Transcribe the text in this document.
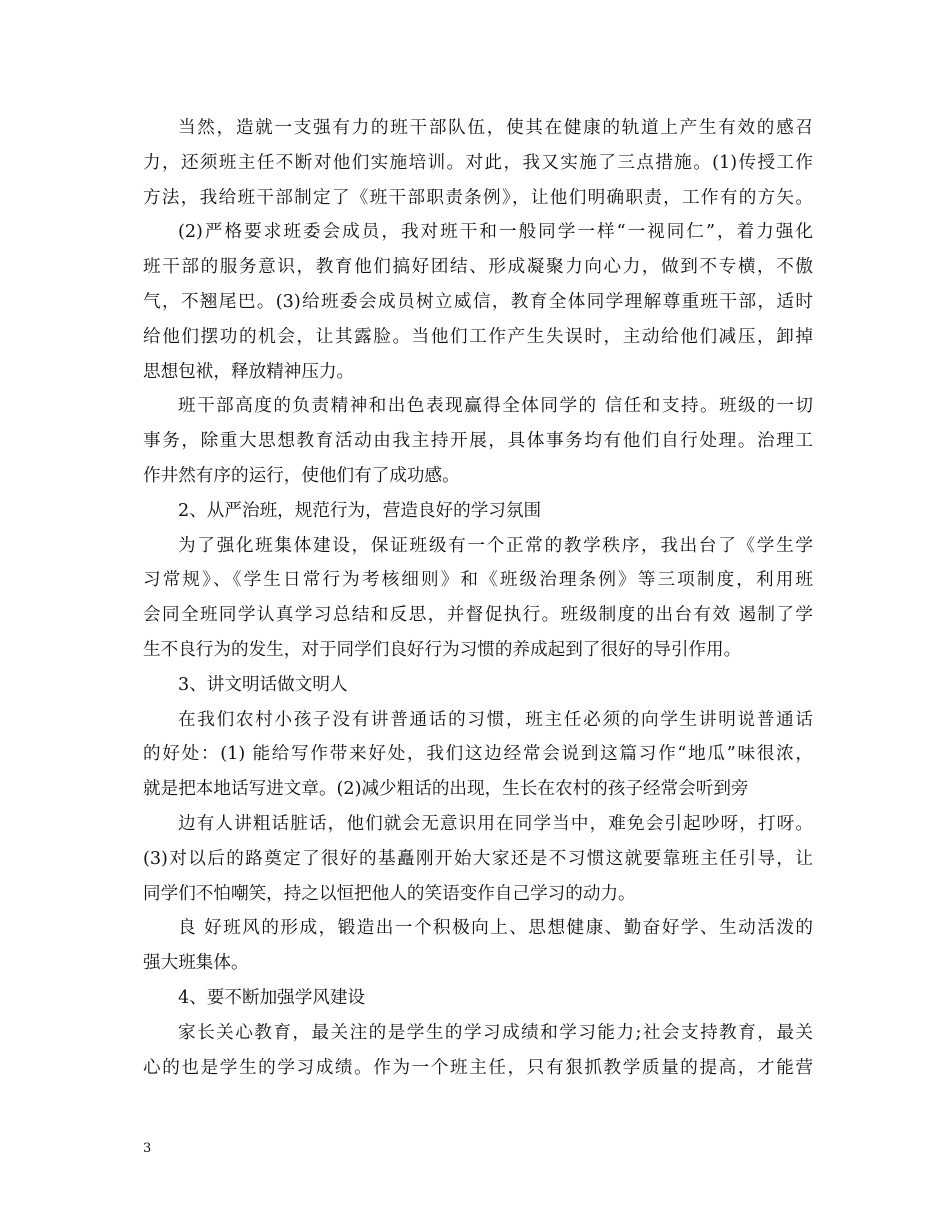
当然，造就一支强有力的班干部队伍，使其在健康的轨道上产生有效的感召
力，还须班主任不断对他们实施培训。对此，我又实施了三点措施。(1)传授工作
方法，我给班干部制定了《班干部职责条例》，让他们明确职责，工作有的方矢。
(2)严格要求班委会成员，我对班干和一般同学一样“一视同仁”，着力强化
班干部的服务意识，教育他们搞好团结、形成凝聚力向心力，做到不专横，不傲
气，不翘尾巴。(3)给班委会成员树立威信，教育全体同学理解尊重班干部，适时
给他们摆功的机会，让其露脸。当他们工作产生失误时，主动给他们减压，卸掉
思想包袱，释放精神压力。
班干部高度的负责精神和出色表现赢得全体同学的 信任和支持。班级的一切
事务，除重大思想教育活动由我主持开展，具体事务均有他们自行处理。治理工
作井然有序的运行，使他们有了成功感。
2、从严治班，规范行为，营造良好的学习氛围
为了强化班集体建设，保证班级有一个正常的教学秩序，我出台了《学生学
习常规》、《学生日常行为考核细则》和《班级治理条例》等三项制度，利用班
会同全班同学认真学习总结和反思，并督促执行。班级制度的出台有效 遏制了学
生不良行为的发生，对于同学们良好行为习惯的养成起到了很好的导引作用。
3、讲文明话做文明人
在我们农村小孩子没有讲普通话的习惯，班主任必须的向学生讲明说普通话
的好处：(1) 能给写作带来好处，我们这边经常会说到这篇习作“地瓜”味很浓，
就是把本地话写进文章。(2)减少粗话的出现，生长在农村的孩子经常会听到旁
边有人讲粗话脏话，他们就会无意识用在同学当中，难免会引起吵呀，打呀。
(3)对以后的路奠定了很好的基矗刚开始大家还是不习惯这就要靠班主任引导，让
同学们不怕嘲笑，持之以恒把他人的笑语变作自己学习的动力。
良 好班风的形成，锻造出一个积极向上、思想健康、勤奋好学、生动活泼的
强大班集体。
4、要不断加强学风建设
家长关心教育，最关注的是学生的学习成绩和学习能力;社会支持教育，最关
心的也是学生的学习成绩。作为一个班主任，只有狠抓教学质量的提高，才能营
3
